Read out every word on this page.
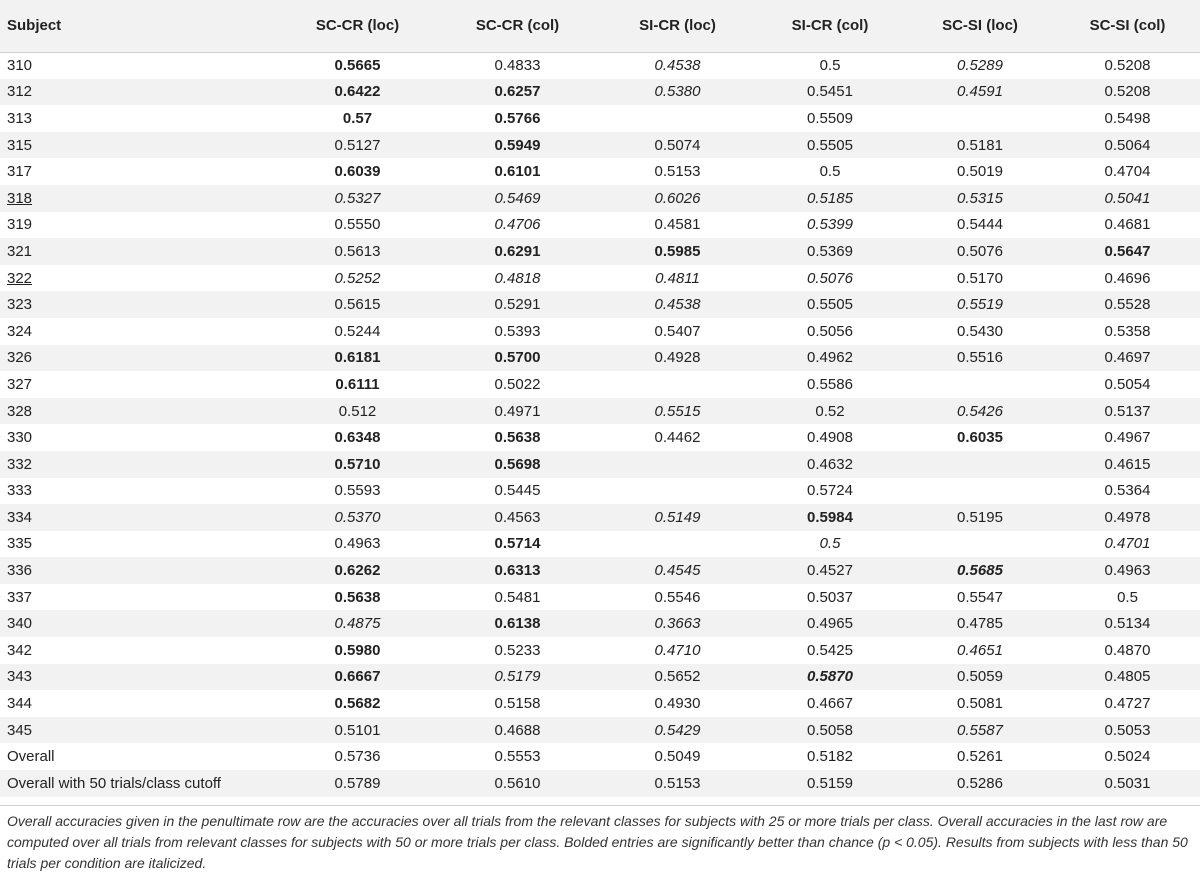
Subject	SC-CR (loc)	SC-CR (col)	SI-CR (loc)	SI-CR (col)	SC-SI (loc)	SC-SI (col)
310	0.5665	0.4833	0.4538	0.5	0.5289	0.5208
312	0.6422	0.6257	0.5380	0.5451	0.4591	0.5208
313	0.57	0.5766		0.5509		0.5498
315	0.5127	0.5949	0.5074	0.5505	0.5181	0.5064
317	0.6039	0.6101	0.5153	0.5	0.5019	0.4704
318	0.5327	0.5469	0.6026	0.5185	0.5315	0.5041
319	0.5550	0.4706	0.4581	0.5399	0.5444	0.4681
321	0.5613	0.6291	0.5985	0.5369	0.5076	0.5647
322	0.5252	0.4818	0.4811	0.5076	0.5170	0.4696
323	0.5615	0.5291	0.4538	0.5505	0.5519	0.5528
324	0.5244	0.5393	0.5407	0.5056	0.5430	0.5358
326	0.6181	0.5700	0.4928	0.4962	0.5516	0.4697
327	0.6111	0.5022		0.5586		0.5054
328	0.512	0.4971	0.5515	0.52	0.5426	0.5137
330	0.6348	0.5638	0.4462	0.4908	0.6035	0.4967
332	0.5710	0.5698		0.4632		0.4615
333	0.5593	0.5445		0.5724		0.5364
334	0.5370	0.4563	0.5149	0.5984	0.5195	0.4978
335	0.4963	0.5714		0.5		0.4701
336	0.6262	0.6313	0.4545	0.4527	0.5685	0.4963
337	0.5638	0.5481	0.5546	0.5037	0.5547	0.5
340	0.4875	0.6138	0.3663	0.4965	0.4785	0.5134
342	0.5980	0.5233	0.4710	0.5425	0.4651	0.4870
343	0.6667	0.5179	0.5652	0.5870	0.5059	0.4805
344	0.5682	0.5158	0.4930	0.4667	0.5081	0.4727
345	0.5101	0.4688	0.5429	0.5058	0.5587	0.5053
Overall	0.5736	0.5553	0.5049	0.5182	0.5261	0.5024
Overall with 50 trials/class cutoff	0.5789	0.5610	0.5153	0.5159	0.5286	0.5031

Overall accuracies given in the penultimate row are the accuracies over all trials from the relevant classes for subjects with 25 or more trials per class. Overall accuracies in the last row are computed over all trials from relevant classes for subjects with 50 or more trials per class. Bolded entries are significantly better than chance (p < 0.05). Results from subjects with less than 50 trials per condition are italicized.
